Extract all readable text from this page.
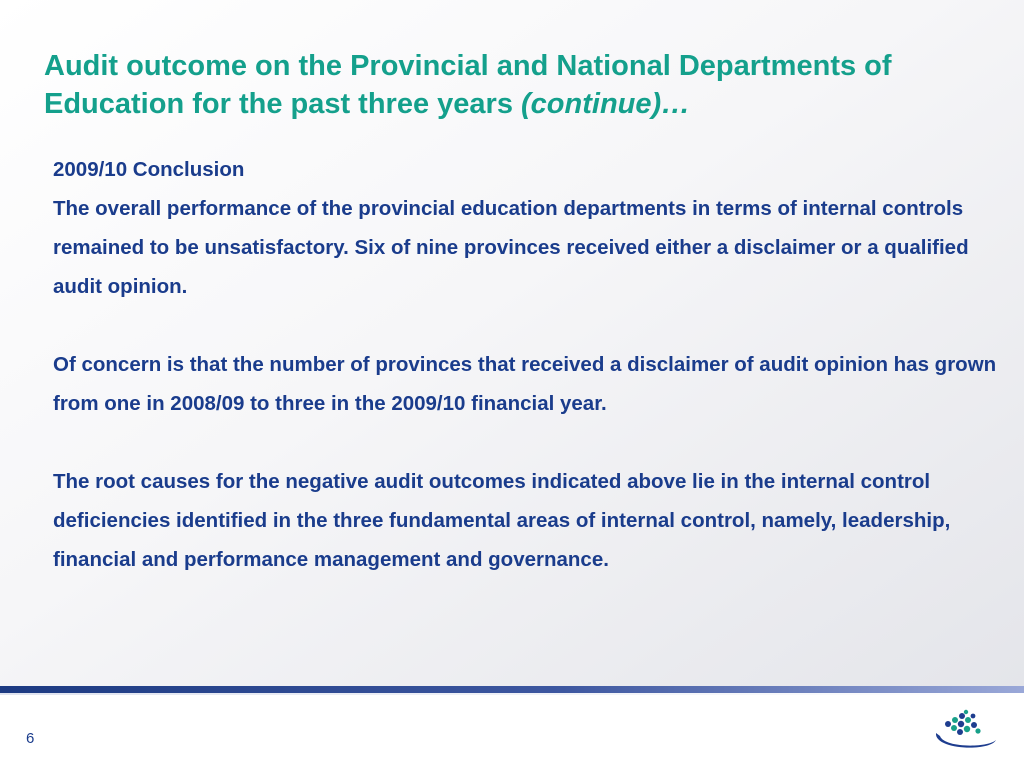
Audit outcome on the Provincial and National Departments of Education for the past three years (continue)…

2009/10 Conclusion

The overall performance of the provincial education departments in terms of internal controls remained to be unsatisfactory. Six of nine provinces received either a disclaimer or a qualified audit opinion.

Of concern is that the number of provinces that received a disclaimer of audit opinion has grown from one in 2008/09 to three in the 2009/10 financial year.

The root causes for the negative audit outcomes indicated above lie in the internal control deficiencies identified in the three fundamental areas of internal control, namely, leadership, financial and performance management and governance.

6
